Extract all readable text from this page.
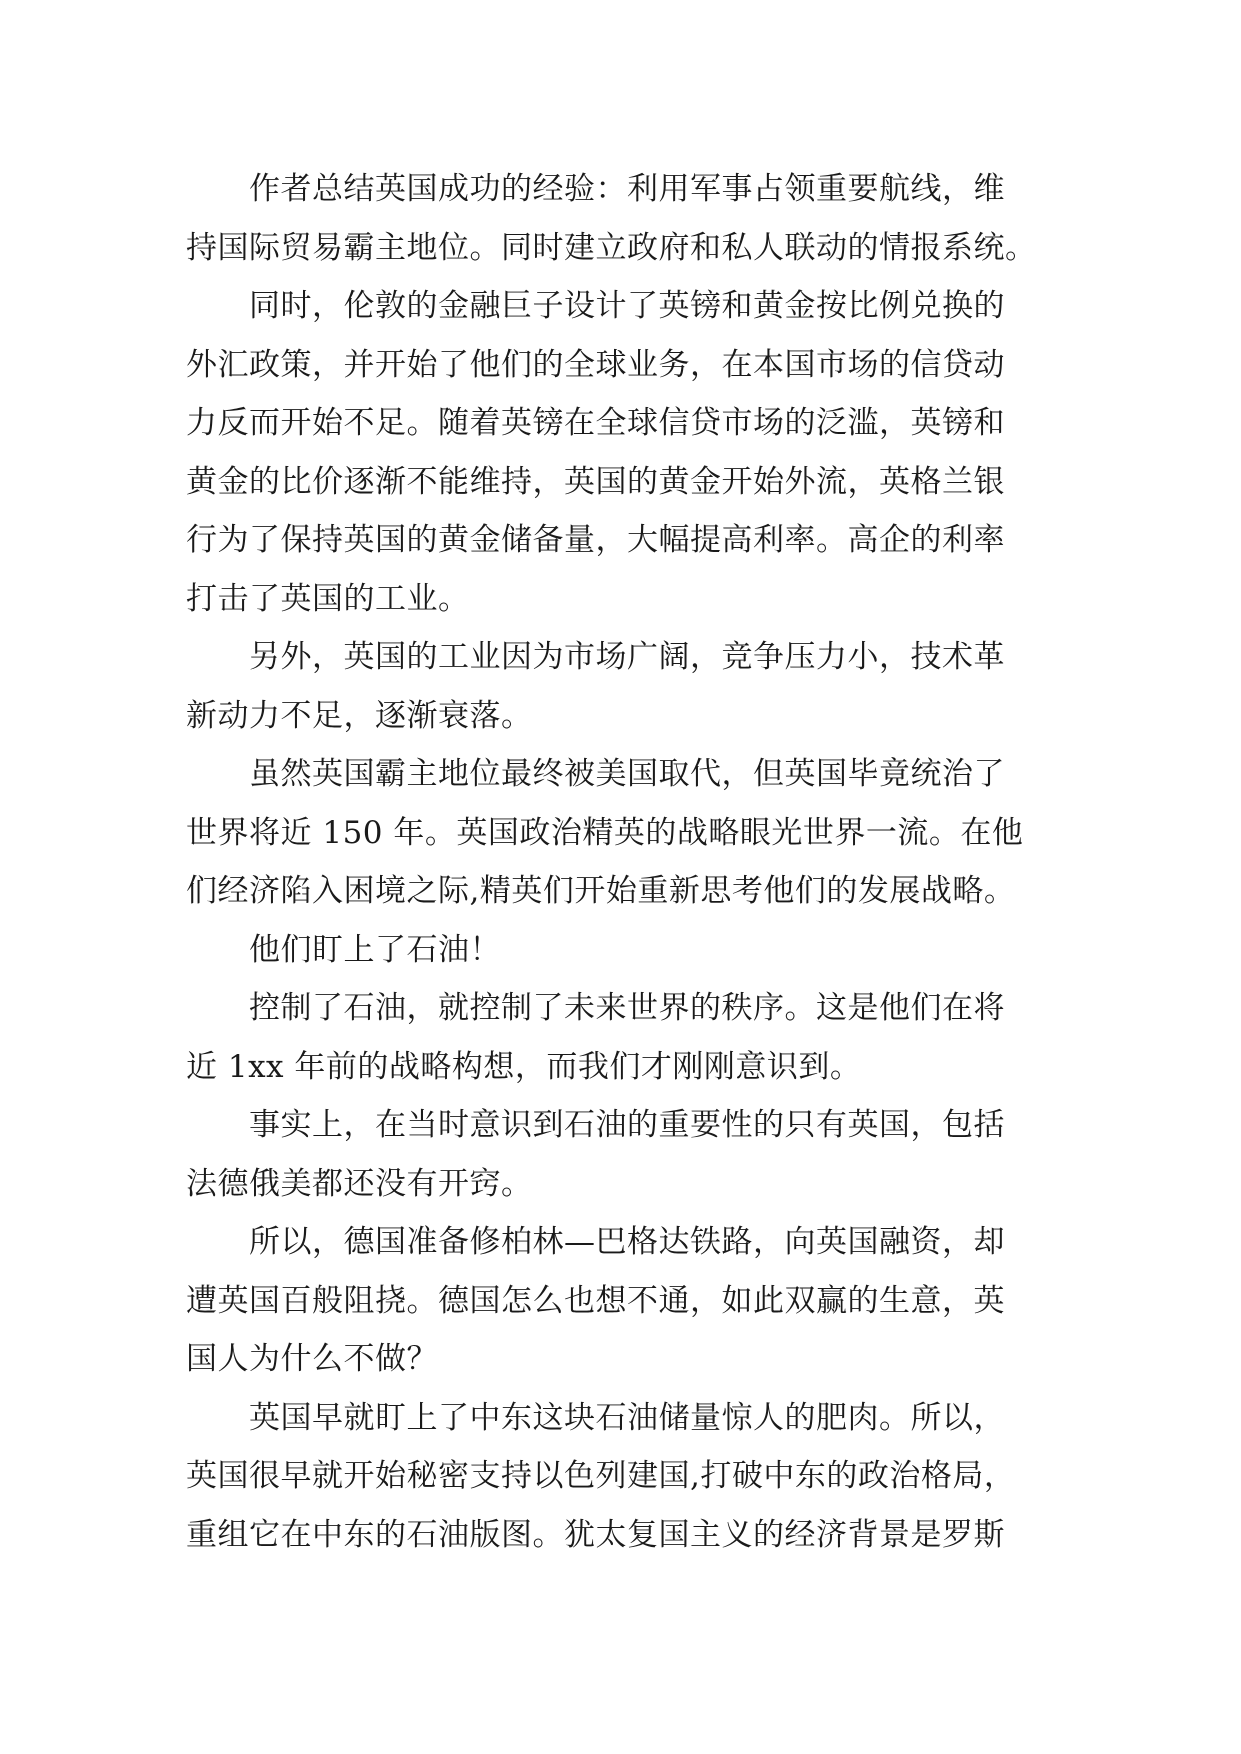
　　作者总结英国成功的经验：利用军事占领重要航线，维
持国际贸易霸主地位。同时建立政府和私人联动的情报系统。
　　同时，伦敦的金融巨子设计了英镑和黄金按比例兑换的
外汇政策，并开始了他们的全球业务，在本国市场的信贷动
力反而开始不足。随着英镑在全球信贷市场的泛滥，英镑和
黄金的比价逐渐不能维持，英国的黄金开始外流，英格兰银
行为了保持英国的黄金储备量，大幅提高利率。高企的利率
打击了英国的工业。
　　另外，英国的工业因为市场广阔，竞争压力小，技术革
新动力不足，逐渐衰落。
　　虽然英国霸主地位最终被美国取代，但英国毕竟统治了
世界将近 150 年。英国政治精英的战略眼光世界一流。在他
们经济陷入困境之际,精英们开始重新思考他们的发展战略。
　　他们盯上了石油！
　　控制了石油，就控制了未来世界的秩序。这是他们在将
近 1xx 年前的战略构想，而我们才刚刚意识到。
　　事实上，在当时意识到石油的重要性的只有英国，包括
法德俄美都还没有开窍。
　　所以，德国准备修柏林—巴格达铁路，向英国融资，却
遭英国百般阻挠。德国怎么也想不通，如此双赢的生意，英
国人为什么不做？
　　英国早就盯上了中东这块石油储量惊人的肥肉。所以，
英国很早就开始秘密支持以色列建国,打破中东的政治格局，
重组它在中东的石油版图。犹太复国主义的经济背景是罗斯
